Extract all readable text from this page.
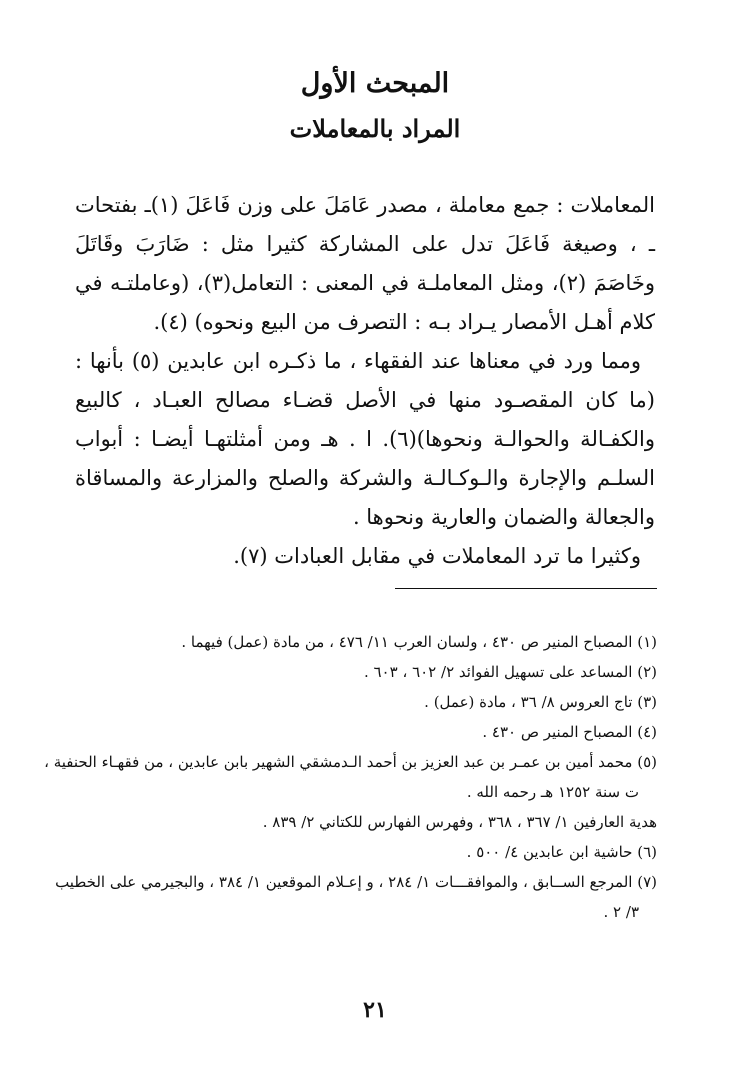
المبحث الأول
المراد بالمعاملات

المعاملات : جمع معاملة ، مصدر عَامَلَ على وزن فَاعَلَ (١)ـ بفتحات ـ ، وصيغة فَاعَلَ تدل على المشاركة كثيرا مثل : ضَارَبَ وقَاتَلَ وخَاصَمَ (٢)، ومثل المعاملـة في المعنى : التعامل(٣)، (وعاملتـه في كلام أهـل الأمصار يـراد بـه : التصرف من البيع ونحوه) (٤).

ومما ورد في معناها عند الفقهاء ، ما ذكـره ابن عابدين (٥) بأنها : (ما كان المقصـود منها في الأصل قضـاء مصالح العبـاد ، كالبيع والكفـالة والحوالـة ونحوها)(٦). ا . هـ ومن أمثلتهـا أيضـا : أبواب السلـم والإجارة والـوكـالـة والشركة والصلح والمزارعة والمساقاة والجعالة والضمان والعارية ونحوها .

وكثيرا ما ترد المعاملات في مقابل العبادات (٧).

(١) المصباح المنير ص ٤٣٠ ، ولسان العرب ١١/ ٤٧٦ ، من مادة (عمل) فيهما .
(٢) المساعد على تسهيل الفوائد ٢/ ٦٠٢ ، ٦٠٣ .
(٣) تاج العروس ٨/ ٣٦ ، مادة (عمل) .
(٤) المصباح المنير ص ٤٣٠ .
(٥) محمد أمين بن عمـر بن عبد العزيز بن أحمد الـدمشقي الشهير بابن عابدين ، من فقهـاء الحنفية ،
ت سنة ١٢٥٢ هـ رحمه الله .
هدية العارفين ١/ ٣٦٧ ، ٣٦٨ ، وفهرس الفهارس للكتاني ٢/ ٨٣٩ .
(٦) حاشية ابن عابدين ٤/ ٥٠٠ .
(٧) المرجع الســابق ، والموافقـــات ١/ ٢٨٤ ، و إعـلام الموقعين ١/ ٣٨٤ ، والبجيرمي على الخطيب
٣/ ٢ .
٢١
